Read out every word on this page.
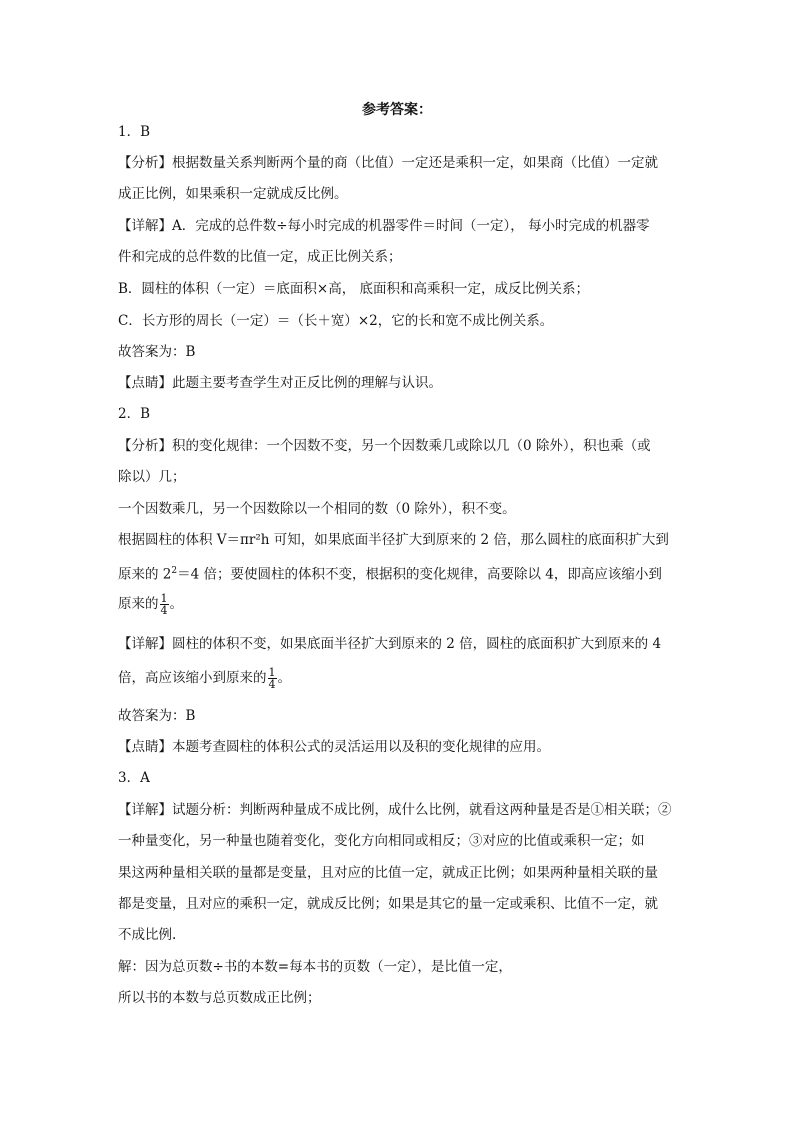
参考答案：
1．B
【分析】根据数量关系判断两个量的商（比值）一定还是乘积一定，如果商（比值）一定就
成正比例，如果乘积一定就成反比例。
【详解】A．完成的总件数÷每小时完成的机器零件＝时间（一定）， 每小时完成的机器零
件和完成的总件数的比值一定，成正比例关系；
B．圆柱的体积（一定）＝底面积×高， 底面积和高乘积一定，成反比例关系；
C．长方形的周长（一定）＝（长＋宽）×2，它的长和宽不成比例关系。
故答案为：B
【点睛】此题主要考查学生对正反比例的理解与认识。
2．B
【分析】积的变化规律：一个因数不变，另一个因数乘几或除以几（0 除外），积也乘（或
除以）几；
一个因数乘几，另一个因数除以一个相同的数（0 除外），积不变。
根据圆柱的体积 V＝πr²h 可知，如果底面半径扩大到原来的 2 倍，那么圆柱的底面积扩大到
原来的 $2^2=4$ 倍；要使圆柱的体积不变，根据积的变化规律，高要除以 4，即高应该缩小到
原来的 $\frac{1}{4}$ 。
【详解】圆柱的体积不变，如果底面半径扩大到原来的 2 倍，圆柱的底面积扩大到原来的 4
倍，高应该缩小到原来的 $\frac{1}{4}$ 。
故答案为：B
【点睛】本题考查圆柱的体积公式的灵活运用以及积的变化规律的应用。
3．A
【详解】试题分析：判断两种量成不成比例，成什么比例，就看这两种量是否是①相关联；②
一种量变化，另一种量也随着变化，变化方向相同或相反；③对应的比值或乘积一定；如
果这两种量相关联的量都是变量，且对应的比值一定，就成正比例；如果两种量相关联的量
都是变量，且对应的乘积一定，就成反比例；如果是其它的量一定或乘积、比值不一定，就
不成比例.
解：因为总页数÷书的本数=每本书的页数（一定），是比值一定，
所以书的本数与总页数成正比例；
